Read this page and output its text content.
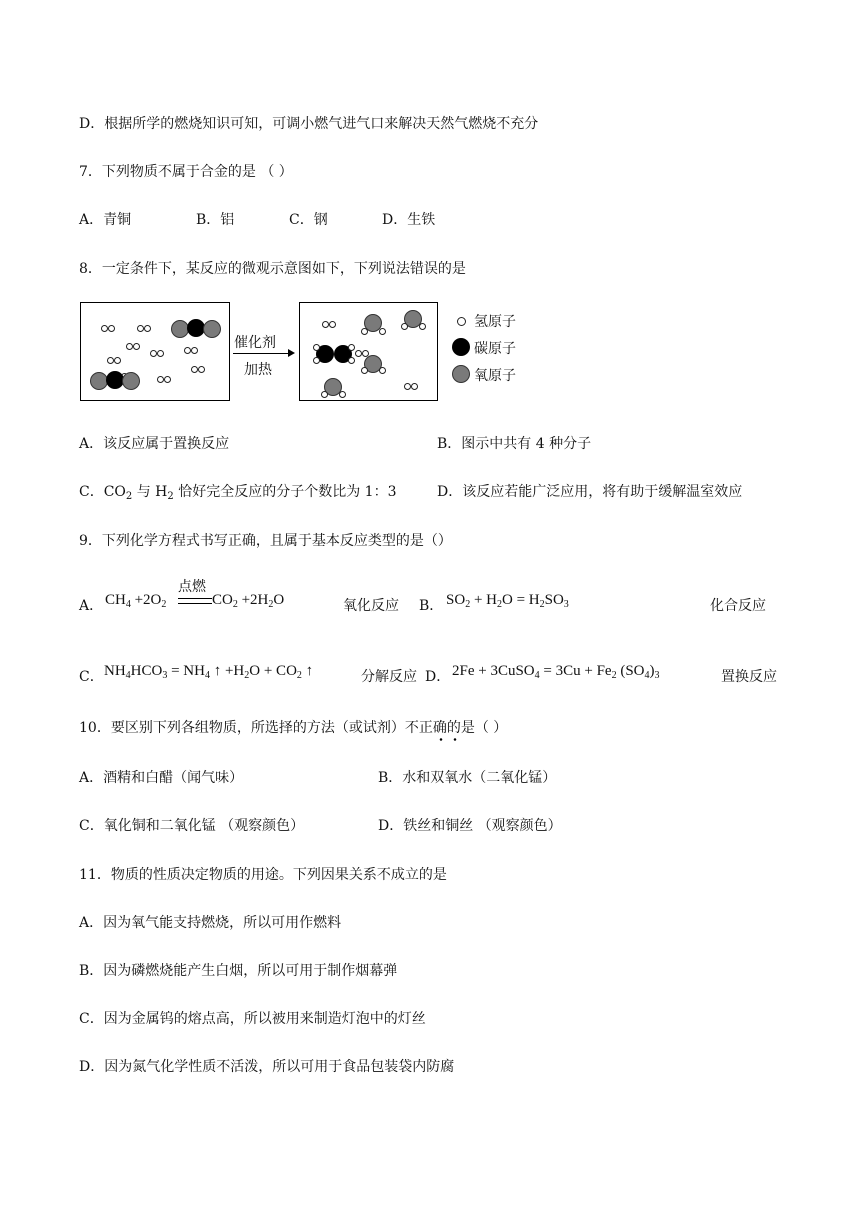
D．根据所学的燃烧知识可知，可调小燃气进气口来解决天然气燃烧不充分
7．下列物质不属于合金的是 （ ）
A．青铜	B．铝	C．钢	D．生铁
8．一定条件下，某反应的微观示意图如下，下列说法错误的是
催化剂
加热
氢原子
碳原子
氧原子
A．该反应属于置换反应	B．图示中共有 4 种分子
C．$CO_2$ 与 $H_2$ 恰好完全反应的分子个数比为 1：3	D．该反应若能广泛应用，将有助于缓解温室效应
9．下列化学方程式书写正确，且属于基本反应类型的是（）
A． $CH_4 +2O_2$
点燃
$CO_2 +2H_2O$	氧化反应 B． $SO_2 + H_2O = H_2SO_3$	化合反应
C． $NH_4HCO_3 = NH_4$ ↑ $+H_2O + CO_2$ ↑	分解反应 D． 2Fe + 3CuSO$_4$ = $3Cu + Fe_2$ $(SO_4)_3$	置换反应
10．要区别下列各组物质，所选择的方法（或试剂）不正确的是（ ）
A．酒精和白醋（闻气味）	B．水和双氧水（二氧化锰）
C．氧化铜和二氧化锰 （观察颜色）	D．铁丝和铜丝 （观察颜色）
11．物质的性质决定物质的用途。下列因果关系不成立的是
A．因为氧气能支持燃烧，所以可用作燃料
B．因为磷燃烧能产生白烟，所以可用于制作烟幕弹
C．因为金属钨的熔点高，所以被用来制造灯泡中的灯丝
D．因为氮气化学性质不活泼，所以可用于食品包装袋内防腐
